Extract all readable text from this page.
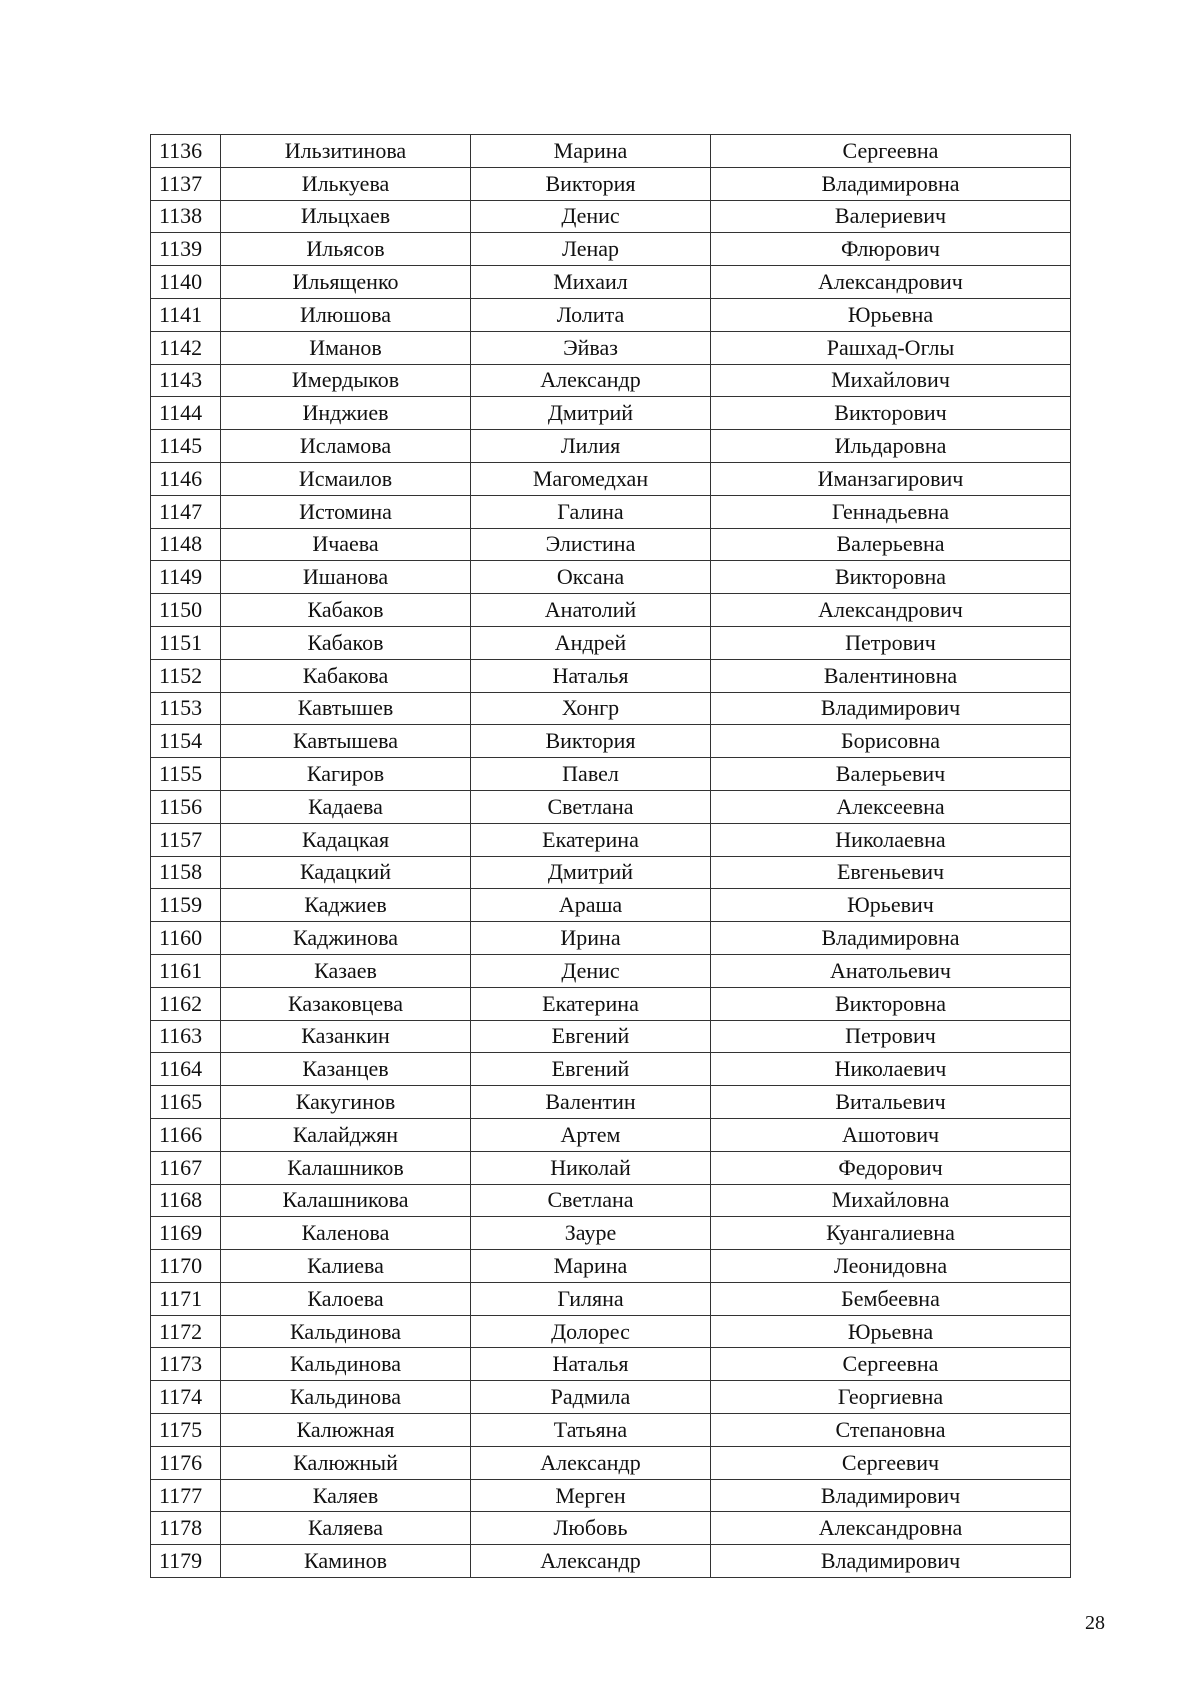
1136	Ильзитинова	Марина	Сергеевна
1137	Илькуева	Виктория	Владимировна
1138	Ильцхаев	Денис	Валериевич
1139	Ильясов	Ленар	Флюрович
1140	Ильященко	Михаил	Александрович
1141	Илюшова	Лолита	Юрьевна
1142	Иманов	Эйваз	Рашхад-Оглы
1143	Имердыков	Александр	Михайлович
1144	Инджиев	Дмитрий	Викторович
1145	Исламова	Лилия	Ильдаровна
1146	Исмаилов	Магомедхан	Иманзагирович
1147	Истомина	Галина	Геннадьевна
1148	Ичаева	Элистина	Валерьевна
1149	Ишанова	Оксана	Викторовна
1150	Кабаков	Анатолий	Александрович
1151	Кабаков	Андрей	Петрович
1152	Кабакова	Наталья	Валентиновна
1153	Кавтышев	Хонгр	Владимирович
1154	Кавтышева	Виктория	Борисовна
1155	Кагиров	Павел	Валерьевич
1156	Кадаева	Светлана	Алексеевна
1157	Кадацкая	Екатерина	Николаевна
1158	Кадацкий	Дмитрий	Евгеньевич
1159	Каджиев	Араша	Юрьевич
1160	Каджинова	Ирина	Владимировна
1161	Казаев	Денис	Анатольевич
1162	Казаковцева	Екатерина	Викторовна
1163	Казанкин	Евгений	Петрович
1164	Казанцев	Евгений	Николаевич
1165	Какугинов	Валентин	Витальевич
1166	Калайджян	Артем	Ашотович
1167	Калашников	Николай	Федорович
1168	Калашникова	Светлана	Михайловна
1169	Каленова	Зауре	Куангалиевна
1170	Калиева	Марина	Леонидовна
1171	Калоева	Гиляна	Бембеевна
1172	Кальдинова	Долорес	Юрьевна
1173	Кальдинова	Наталья	Сергеевна
1174	Кальдинова	Радмила	Георгиевна
1175	Калюжная	Татьяна	Степановна
1176	Калюжный	Александр	Сергеевич
1177	Каляев	Мерген	Владимирович
1178	Каляева	Любовь	Александровна
1179	Каминов	Александр	Владимирович
28
